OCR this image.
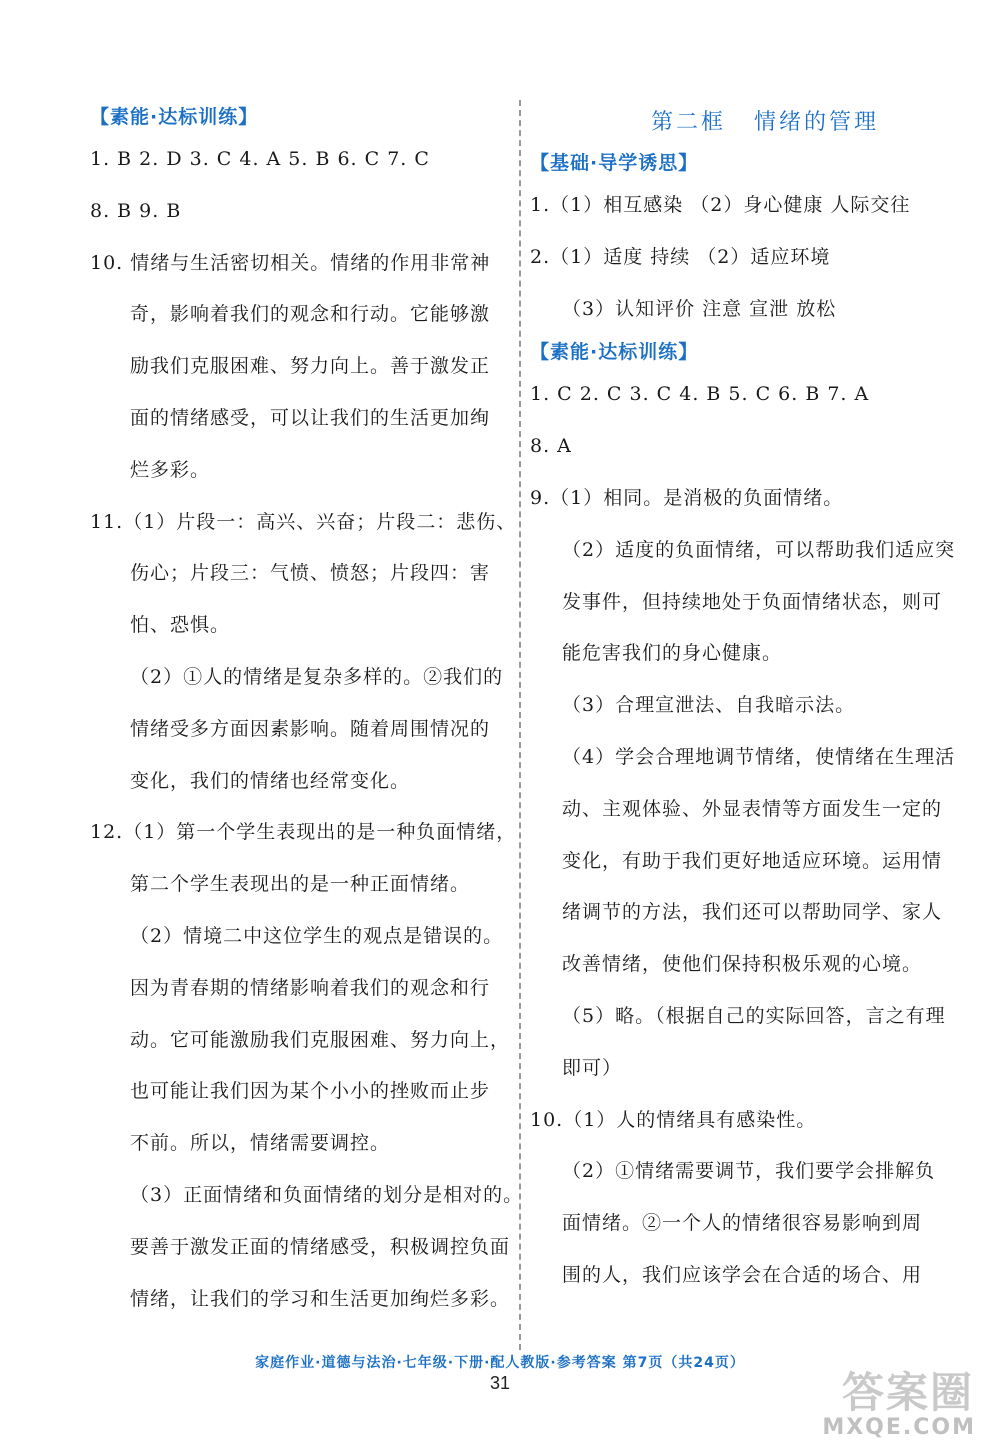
【素能·达标训练】
1. B 2. D 3. C 4. A 5. B 6. C 7. C
8. B 9. B
10. 情绪与生活密切相关。情绪的作用非常神
奇，影响着我们的观念和行动。它能够激
励我们克服困难、努力向上。善于激发正
面的情绪感受，可以让我们的生活更加绚
烂多彩。
11.（1）片段一：高兴、兴奋；片段二：悲伤、
伤心；片段三：气愤、愤怒；片段四：害
怕、恐惧。
（2）①人的情绪是复杂多样的。②我们的
情绪受多方面因素影响。随着周围情况的
变化，我们的情绪也经常变化。
12.（1）第一个学生表现出的是一种负面情绪，
第二个学生表现出的是一种正面情绪。
（2）情境二中这位学生的观点是错误的。
因为青春期的情绪影响着我们的观念和行
动。它可能激励我们克服困难、努力向上，
也可能让我们因为某个小小的挫败而止步
不前。所以，情绪需要调控。
（3）正面情绪和负面情绪的划分是相对的。
要善于激发正面的情绪感受，积极调控负面
情绪，让我们的学习和生活更加绚烂多彩。
第二框 情绪的管理
【基础·导学诱思】
1.（1）相互感染 （2）身心健康 人际交往
2.（1）适度 持续 （2）适应环境
（3）认知评价 注意 宣泄 放松
【素能·达标训练】
1. C 2. C 3. C 4. B 5. C 6. B 7. A
8. A
9.（1）相同。是消极的负面情绪。
（2）适度的负面情绪，可以帮助我们适应突
发事件，但持续地处于负面情绪状态，则可
能危害我们的身心健康。
（3）合理宣泄法、自我暗示法。
（4）学会合理地调节情绪，使情绪在生理活
动、主观体验、外显表情等方面发生一定的
变化，有助于我们更好地适应环境。运用情
绪调节的方法，我们还可以帮助同学、家人
改善情绪，使他们保持积极乐观的心境。
（5）略。（根据自己的实际回答，言之有理
即可）
10.（1）人的情绪具有感染性。
（2）①情绪需要调节，我们要学会排解负
面情绪。②一个人的情绪很容易影响到周
围的人，我们应该学会在合适的场合、用
家庭作业·道德与法治·七年级·下册·配人教版·参考答案 第7页（共24页）
31	答案圈
MXQE.COM
